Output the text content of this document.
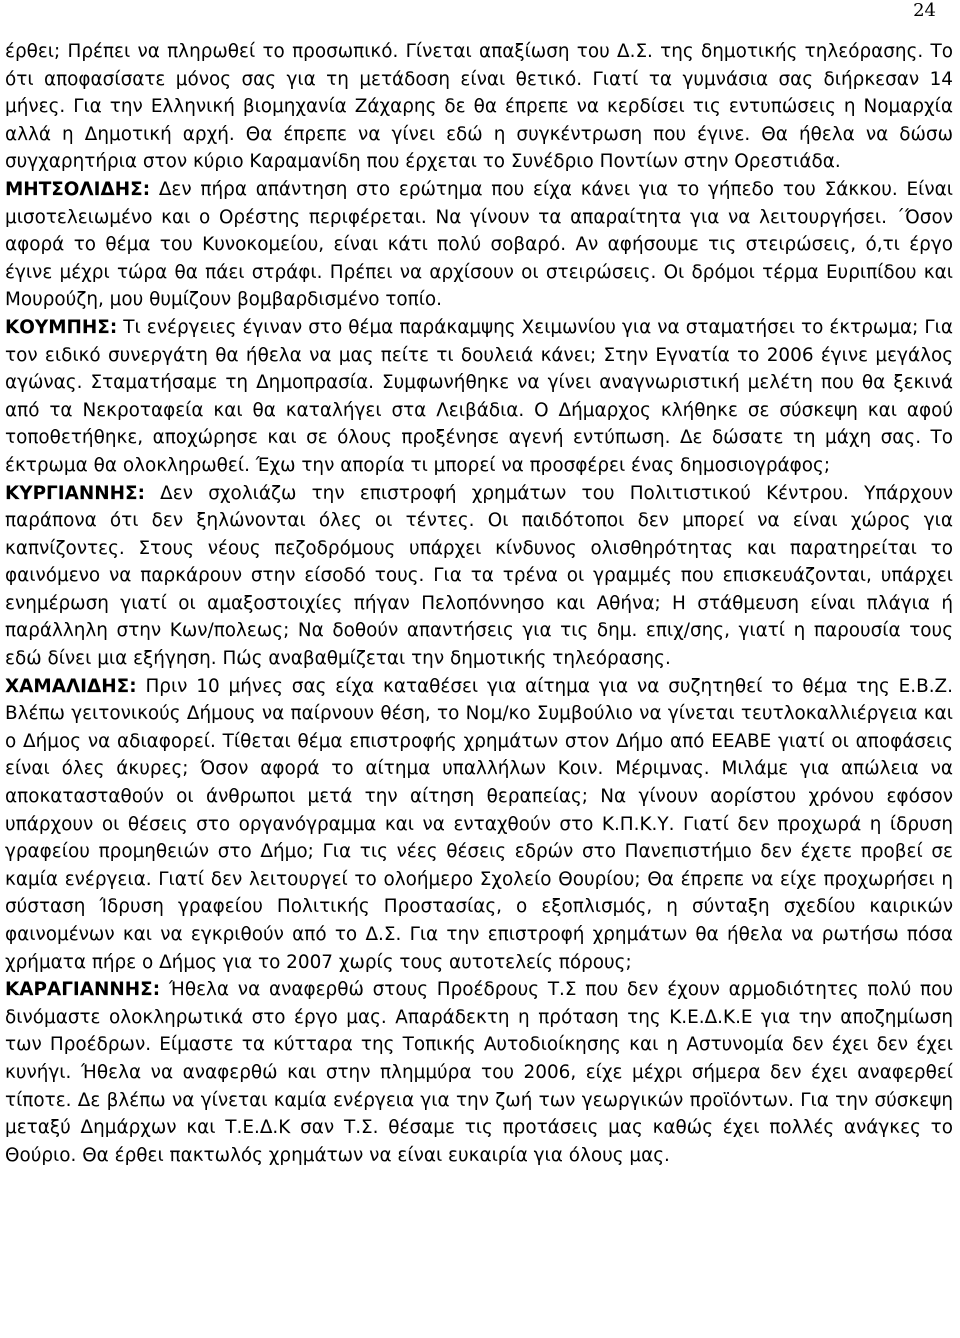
24

έρθει; Πρέπει να πληρωθεί το προσωπικό. Γίνεται απαξίωση του Δ.Σ. της δημοτικής τηλεόρασης. Το ότι αποφασίσατε μόνος σας για τη μετάδοση είναι θετικό. Γιατί τα γυμνάσια σας διήρκεσαν 14 μήνες. Για την Ελληνική βιομηχανία Ζάχαρης δε θα έπρεπε να κερδίσει τις εντυπώσεις η Νομαρχία αλλά η Δημοτική αρχή. Θα έπρεπε να γίνει εδώ η συγκέντρωση που έγινε. Θα ήθελα να δώσω συγχαρητήρια στον κύριο Καραμανίδη που έρχεται το Συνέδριο Ποντίων στην Ορεστιάδα.

ΜΗΤΣΟΛΙΔΗΣ: Δεν πήρα απάντηση στο ερώτημα που είχα κάνει για το γήπεδο του Σάκκου. Είναι μισοτελειωμένο και ο Ορέστης περιφέρεται. Να γίνουν τα απαραίτητα για να λειτουργήσει. ΄Όσον αφορά το θέμα του Κυνοκομείου, είναι κάτι πολύ σοβαρό. Αν αφήσουμε τις στειρώσεις, ό,τι έργο έγινε μέχρι τώρα θα πάει στράφι. Πρέπει να αρχίσουν οι στειρώσεις. Οι δρόμοι τέρμα Ευριπίδου και Μουρούζη, μου θυμίζουν βομβαρδισμένο τοπίο.

ΚΟΥΜΠΗΣ: Τι ενέργειες έγιναν στο θέμα παράκαμψης Χειμωνίου για να σταματήσει το έκτρωμα; Για τον ειδικό συνεργάτη θα ήθελα να μας πείτε τι δουλειά κάνει; Στην Εγνατία το 2006 έγινε μεγάλος αγώνας. Σταματήσαμε τη Δημοπρασία. Συμφωνήθηκε να γίνει αναγνωριστική μελέτη που θα ξεκινά από τα Νεκροταφεία και θα καταλήγει στα Λειβάδια. Ο Δήμαρχος κλήθηκε σε σύσκεψη και αφού τοποθετήθηκε, αποχώρησε και σε όλους προξένησε αγενή εντύπωση. Δε δώσατε τη μάχη σας. Το έκτρωμα θα ολοκληρωθεί. Έχω την απορία τι μπορεί να προσφέρει ένας δημοσιογράφος;

ΚΥΡΓΙΑΝΝΗΣ: Δεν σχολιάζω την επιστροφή χρημάτων του Πολιτιστικού Κέντρου. Υπάρχουν παράπονα ότι δεν ξηλώνονται όλες οι τέντες. Οι παιδότοποι δεν μπορεί να είναι χώρος για καπνίζοντες. Στους νέους πεζοδρόμους υπάρχει κίνδυνος ολισθηρότητας και παρατηρείται το φαινόμενο να παρκάρουν στην είσοδό τους. Για τα τρένα οι γραμμές που επισκευάζονται, υπάρχει ενημέρωση γιατί οι αμαξοστοιχίες πήγαν Πελοπόννησο και Αθήνα; Η στάθμευση είναι πλάγια ή παράλληλη στην Κων/πολεως; Να δοθούν απαντήσεις για τις δημ. επιχ/σης, γιατί η παρουσία τους εδώ δίνει μια εξήγηση. Πώς αναβαθμίζεται την δημοτικής τηλεόρασης.

ΧΑΜΑΛΙΔΗΣ: Πριν 10 μήνες σας είχα καταθέσει για αίτημα για να συζητηθεί το θέμα της Ε.Β.Ζ. Βλέπω γειτονικούς Δήμους να παίρνουν θέση, το Νομ/κο Συμβούλιο να γίνεται τευτλοκαλλιέργεια και ο Δήμος να αδιαφορεί. Τίθεται θέμα επιστροφής χρημάτων στον Δήμο από ΕΕΑΒΕ γιατί οι αποφάσεις είναι όλες άκυρες; Όσον αφορά το αίτημα υπαλλήλων Κοιν. Μέριμνας. Μιλάμε για απώλεια να αποκατασταθούν οι άνθρωποι μετά την αίτηση θεραπείας; Να γίνουν αορίστου χρόνου εφόσον υπάρχουν οι θέσεις στο οργανόγραμμα και να ενταχθούν στο Κ.Π.Κ.Υ. Γιατί δεν προχωρά η ίδρυση γραφείου προμηθειών στο Δήμο; Για τις νέες θέσεις εδρών στο Πανεπιστήμιο δεν έχετε προβεί σε καμία ενέργεια. Γιατί δεν λειτουργεί το ολοήμερο Σχολείο Θουρίου; Θα έπρεπε να είχε προχωρήσει η σύσταση Ίδρυση γραφείου Πολιτικής Προστασίας, ο εξοπλισμός, η σύνταξη σχεδίου καιρικών φαινομένων και να εγκριθούν από το Δ.Σ. Για την επιστροφή χρημάτων θα ήθελα να ρωτήσω πόσα χρήματα πήρε ο Δήμος για το 2007 χωρίς τους αυτοτελείς πόρους;

ΚΑΡΑΓΙΑΝΝΗΣ: Ήθελα να αναφερθώ στους Προέδρους Τ.Σ που δεν έχουν αρμοδιότητες πολύ που δινόμαστε ολοκληρωτικά στο έργο μας. Απαράδεκτη η πρόταση της Κ.Ε.Δ.Κ.Ε για την αποζημίωση των Προέδρων. Είμαστε τα κύτταρα της Τοπικής Αυτοδιοίκησης και η Αστυνομία δεν έχει δεν έχει κυνήγι. Ήθελα να αναφερθώ και στην πλημμύρα του 2006, είχε μέχρι σήμερα δεν έχει αναφερθεί τίποτε. Δε βλέπω να γίνεται καμία ενέργεια για την ζωή των γεωργικών προϊόντων. Για την σύσκεψη μεταξύ Δημάρχων και Τ.Ε.Δ.Κ σαν Τ.Σ. θέσαμε τις προτάσεις μας καθώς έχει πολλές ανάγκες το Θούριο. Θα έρθει πακτωλός χρημάτων να είναι ευκαιρία για όλους μας.
